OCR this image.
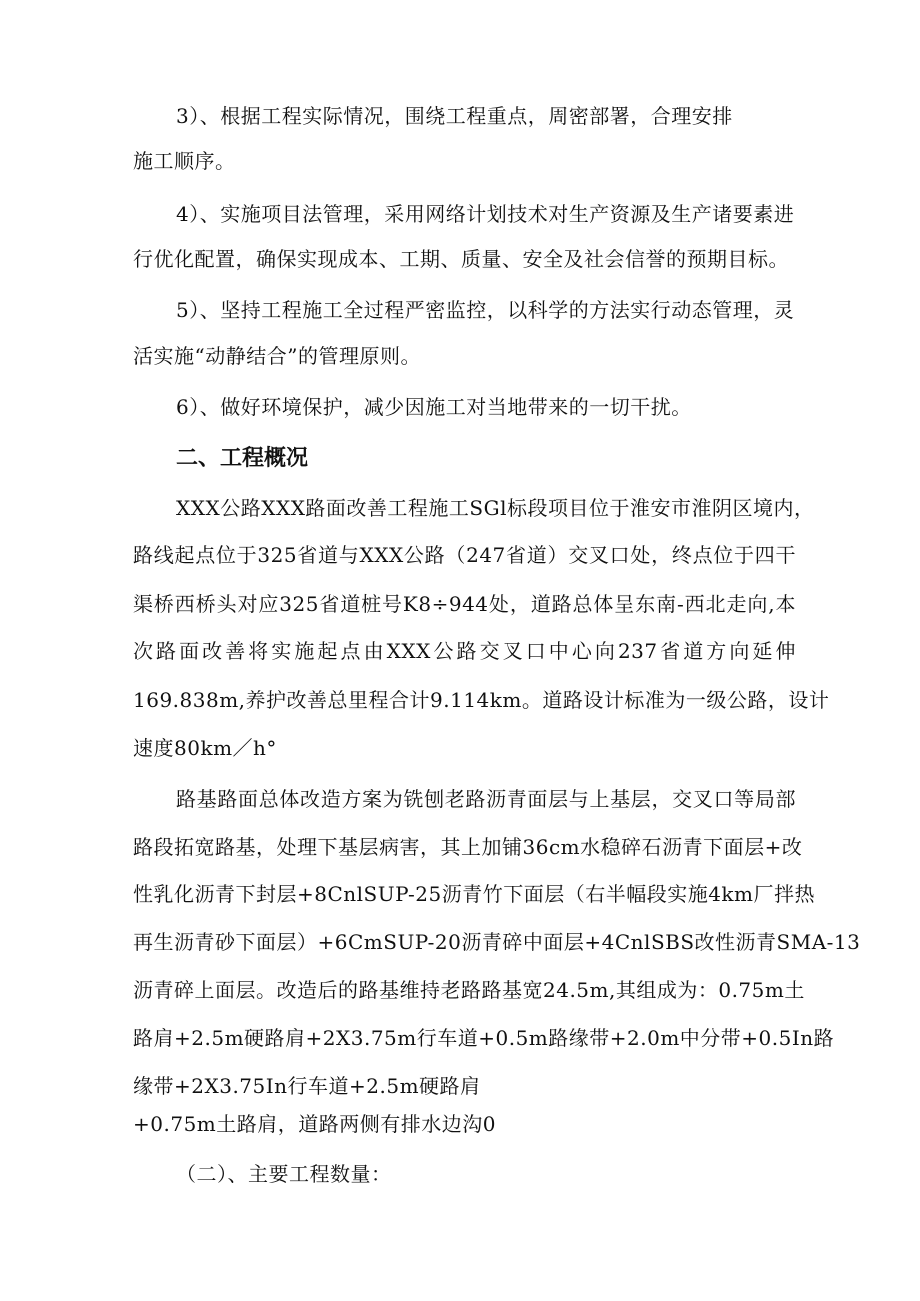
3）、根据工程实际情况，围绕工程重点，周密部署，合理安排
施工顺序。
4）、实施项目法管理，采用网络计划技术对生产资源及生产诸要素进
行优化配置，确保实现成本、工期、质量、安全及社会信誉的预期目标。
5）、坚持工程施工全过程严密监控，以科学的方法实行动态管理，灵
活实施“动静结合”的管理原则。
6）、做好环境保护，减少因施工对当地带来的一切干扰。
二、工程概况
XXX公路XXX路面改善工程施工SGl标段项目位于淮安市淮阴区境内，
路线起点位于325省道与XXX公路（247省道）交叉口处，终点位于四干
渠桥西桥头对应325省道桩号K8÷944处，道路总体呈东南-西北走向,本
次路面改善将实施起点由XXX公路交叉口中心向237省道方向延伸
169.838m,养护改善总里程合计9.114km。道路设计标准为一级公路，设计
速度80km／h°
路基路面总体改造方案为铣刨老路沥青面层与上基层，交叉口等局部
路段拓宽路基，处理下基层病害，其上加铺36cm水稳碎石沥青下面层+改
性乳化沥青下封层+8CnlSUP-25沥青竹下面层（右半幅段实施4km厂拌热
再生沥青砂下面层）+6CmSUP-20沥青碎中面层+4CnlSBS改性沥青SMA-13
沥青碎上面层。改造后的路基维持老路路基宽24.5m,其组成为：0.75m土
路肩+2.5m硬路肩+2X3.75m行车道+0.5m路缘带+2.0m中分带+0.5In路
缘带+2X3.75In行车道+2.5m硬路肩
+0.75m土路肩，道路两侧有排水边沟0
（二）、主要工程数量：
